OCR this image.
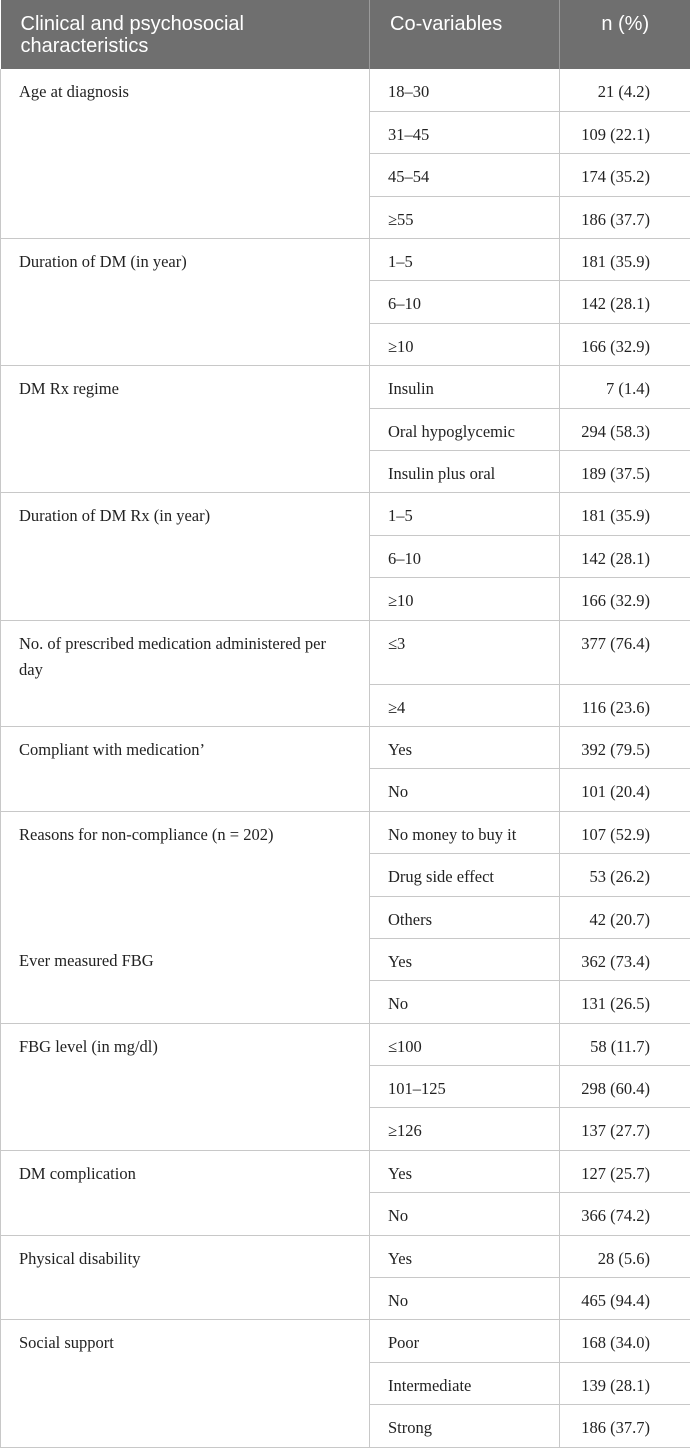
Clinical and psychosocial characteristics	Co-variables	n (%)
Age at diagnosis	18–30	21 (4.2)
	31–45	109 (22.1)
	45–54	174 (35.2)
	≥55	186 (37.7)
Duration of DM (in year)	1–5	181 (35.9)
	6–10	142 (28.1)
	≥10	166 (32.9)
DM Rx regime	Insulin	7 (1.4)
	Oral hypoglycemic	294 (58.3)
	Insulin plus oral	189 (37.5)
Duration of DM Rx (in year)	1–5	181 (35.9)
	6–10	142 (28.1)
	≥10	166 (32.9)
No. of prescribed medication administered per day	≤3	377 (76.4)
	≥4	116 (23.6)
Compliant with medication’	Yes	392 (79.5)
	No	101 (20.4)
Reasons for non-compliance (n = 202)	No money to buy it	107 (52.9)
	Drug side effect	53 (26.2)
	Others	42 (20.7)
Ever measured FBG	Yes	362 (73.4)
	No	131 (26.5)
FBG level (in mg/dl)	≤100	58 (11.7)
	101–125	298 (60.4)
	≥126	137 (27.7)
DM complication	Yes	127 (25.7)
	No	366 (74.2)
Physical disability	Yes	28 (5.6)
	No	465 (94.4)
Social support	Poor	168 (34.0)
	Intermediate	139 (28.1)
	Strong	186 (37.7)
